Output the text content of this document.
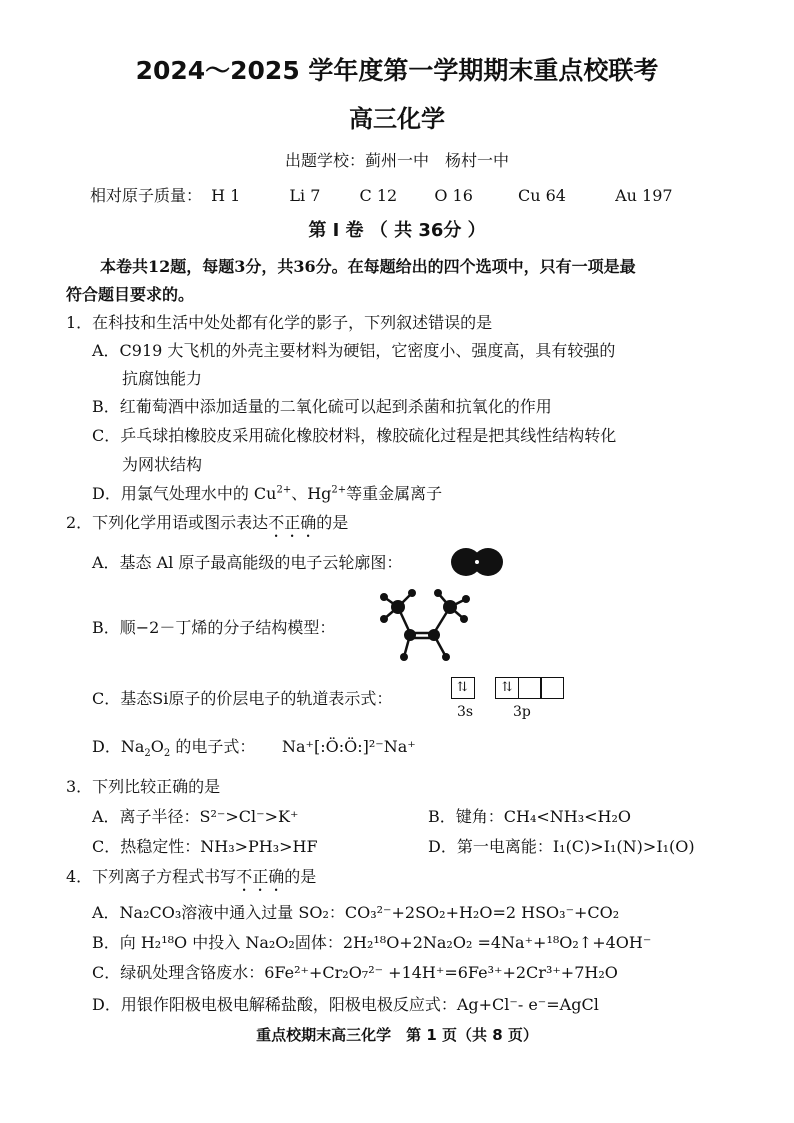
2024～2025 学年度第一学期期末重点校联考
高三化学
出题学校：蓟州一中　杨村一中
相对原子质量： H 1	Li 7 C 12 O 16	Cu 64	Au 197
第 I 卷 （ 共 36分 ）
本卷共12题，每题3分，共36分。在每题给出的四个选项中，只有一项是最
符合题目要求的。
1．在科技和生活中处处都有化学的影子，下列叙述错误的是
A．C919 大飞机的外壳主要材料为硬铝，它密度小、强度高，具有较强的
抗腐蚀能力
B．红葡萄酒中添加适量的二氧化硫可以起到杀菌和抗氧化的作用
C．乒乓球拍橡胶皮采用硫化橡胶材料，橡胶硫化过程是把其线性结构转化
为网状结构
D．用氯气处理水中的 $Cu^{2+}$、$Hg^{2+}$等重金属离子
2．下列化学用语或图示表达不正确的是
A．基态 Al 原子最高能级的电子云轮廓图：
B．顺−2－丁烯的分子结构模型：
C．基态Si原子的价层电子的轨道表示式：
⇅	⇅
3s	3p
D．$Na_2O_2$ 的电子式： Na⁺[:Ö:Ö:]²⁻Na⁺
3．下列比较正确的是
A．离子半径：S²⁻>Cl⁻>K⁺	B．键角：CH₄<NH₃<H₂O
C．热稳定性：NH₃>PH₃>HF	D．第一电离能：I₁(C)>I₁(N)>I₁(O)
4．下列离子方程式书写不正确的是
A．Na₂CO₃溶液中通入过量 SO₂：CO₃²⁻+2SO₂+H₂O=2 HSO₃⁻+CO₂
B．向 H₂¹⁸O 中投入 Na₂O₂固体：2H₂¹⁸O+2Na₂O₂ =4Na⁺+¹⁸O₂↑+4OH⁻
C．绿矾处理含铬废水：6Fe²⁺+Cr₂O₇²⁻ +14H⁺=6Fe³⁺+2Cr³⁺+7H₂O
D．用银作阳极电极电解稀盐酸，阳极电极反应式：Ag+Cl⁻- e⁻=AgCl
重点校期末高三化学　第 1 页（共 8 页）
